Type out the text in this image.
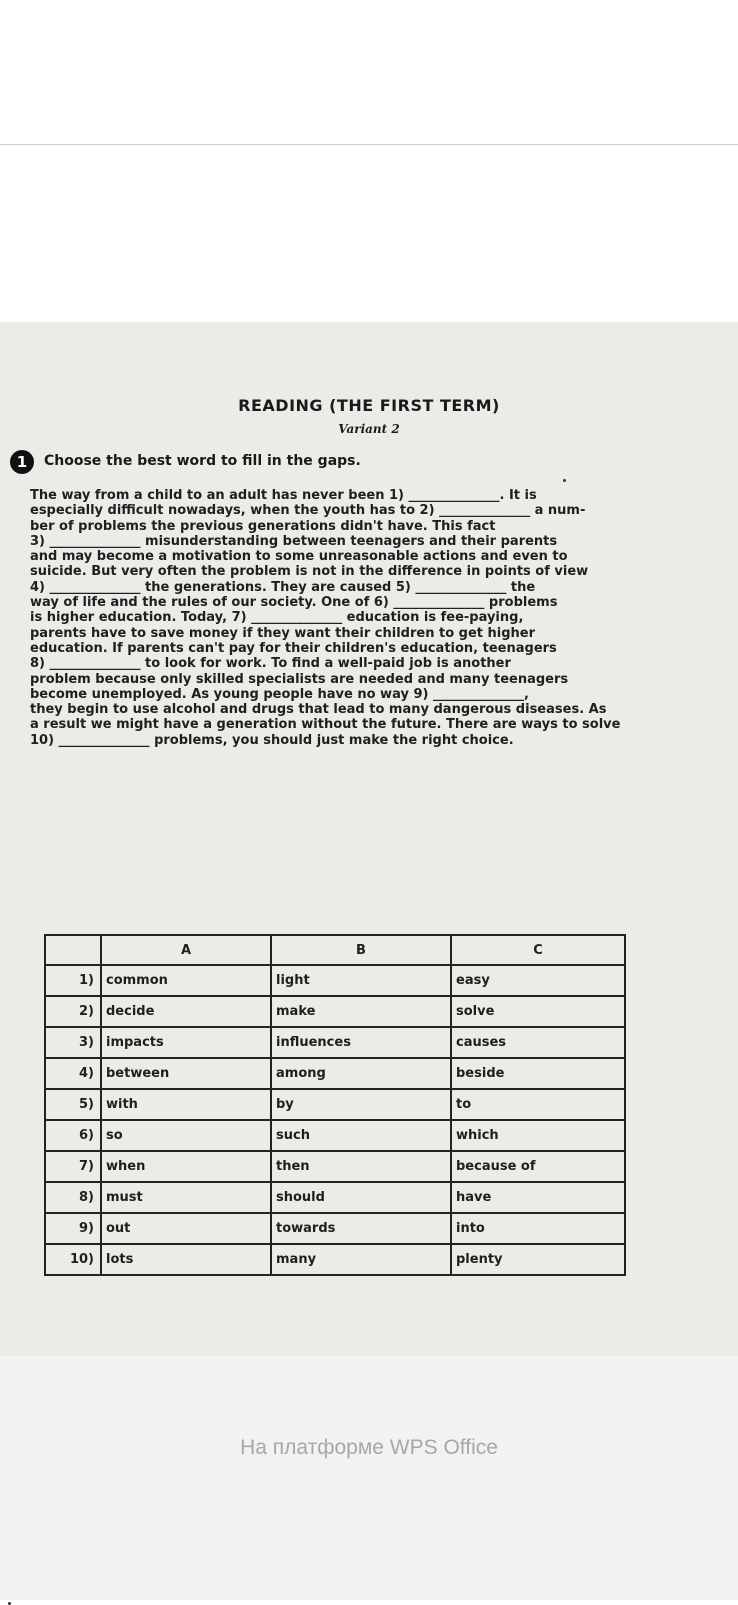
READING (THE FIRST TERM)
Variant 2
1	Choose the best word to fill in the gaps.
The way from a child to an adult has never been 1) ______________. It is
especially difficult nowadays, when the youth has to 2) ______________ a num-
ber of problems the previous generations didn't have. This fact
3) ______________ misunderstanding between teenagers and their parents
and may become a motivation to some unreasonable actions and even to
suicide. But very often the problem is not in the difference in points of view
4) ______________ the generations. They are caused 5) ______________ the
way of life and the rules of our society. One of 6) ______________ problems
is higher education. Today, 7) ______________ education is fee-paying,
parents have to save money if they want their children to get higher
education. If parents can't pay for their children's education, teenagers
8) ______________ to look for work. To find a well-paid job is another
problem because only skilled specialists are needed and many teenagers
become unemployed. As young people have no way 9) ______________,
they begin to use alcohol and drugs that lead to many dangerous diseases. As
a result we might have a generation without the future. There are ways to solve
10) ______________ problems, you should just make the right choice.
	A	B	C
1)	common	light	easy
2)	decide	make	solve
3)	impacts	influences	causes
4)	between	among	beside
5)	with	by	to
6)	so	such	which
7)	when	then	because of
8)	must	should	have
9)	out	towards	into
10)	lots	many	plenty
На платформе WPS Office
